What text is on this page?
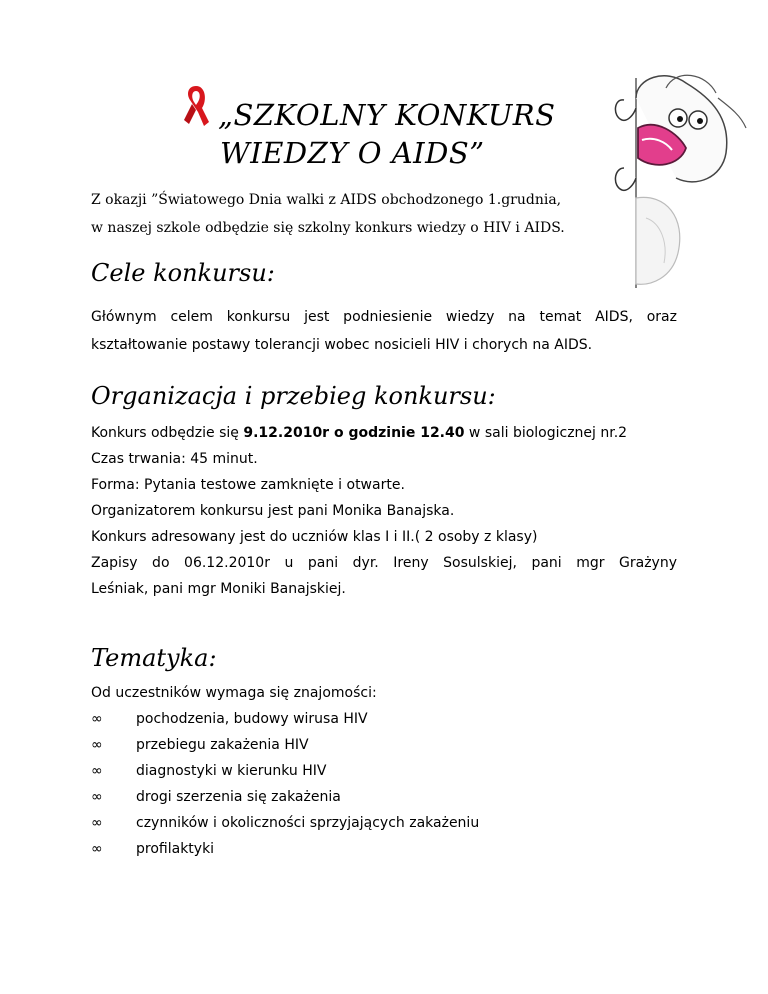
„SZKOLNY KONKURS
WIEDZY O AIDS”
Z okazji ”Światowego Dnia walki z AIDS obchodzonego 1.grudnia,
w naszej szkole odbędzie się szkolny konkurs wiedzy o HIV i AIDS.
Cele konkursu:
Głównym celem konkursu jest podniesienie wiedzy na temat AIDS, oraz
kształtowanie postawy tolerancji wobec nosicieli HIV i chorych na AIDS.
Organizacja i przebieg konkursu:
Konkurs odbędzie się 9.12.2010r o godzinie 12.40 w sali biologicznej nr.2
Czas trwania: 45 minut.
Forma: Pytania testowe zamknięte i otwarte.
Organizatorem konkursu jest pani Monika Banajska.
Konkurs adresowany jest do uczniów klas I i II.( 2 osoby z klasy)
Zapisy do 06.12.2010r u pani dyr. Ireny Sosulskiej, pani mgr Grażyny
Leśniak, pani mgr Moniki Banajskiej.
Tematyka:
Od uczestników wymaga się znajomości:
∞ pochodzenia, budowy wirusa HIV
∞ przebiegu zakażenia HIV
∞ diagnostyki w kierunku HIV
∞ drogi szerzenia się zakażenia
∞ czynników i okoliczności sprzyjających zakażeniu
∞ profilaktyki
